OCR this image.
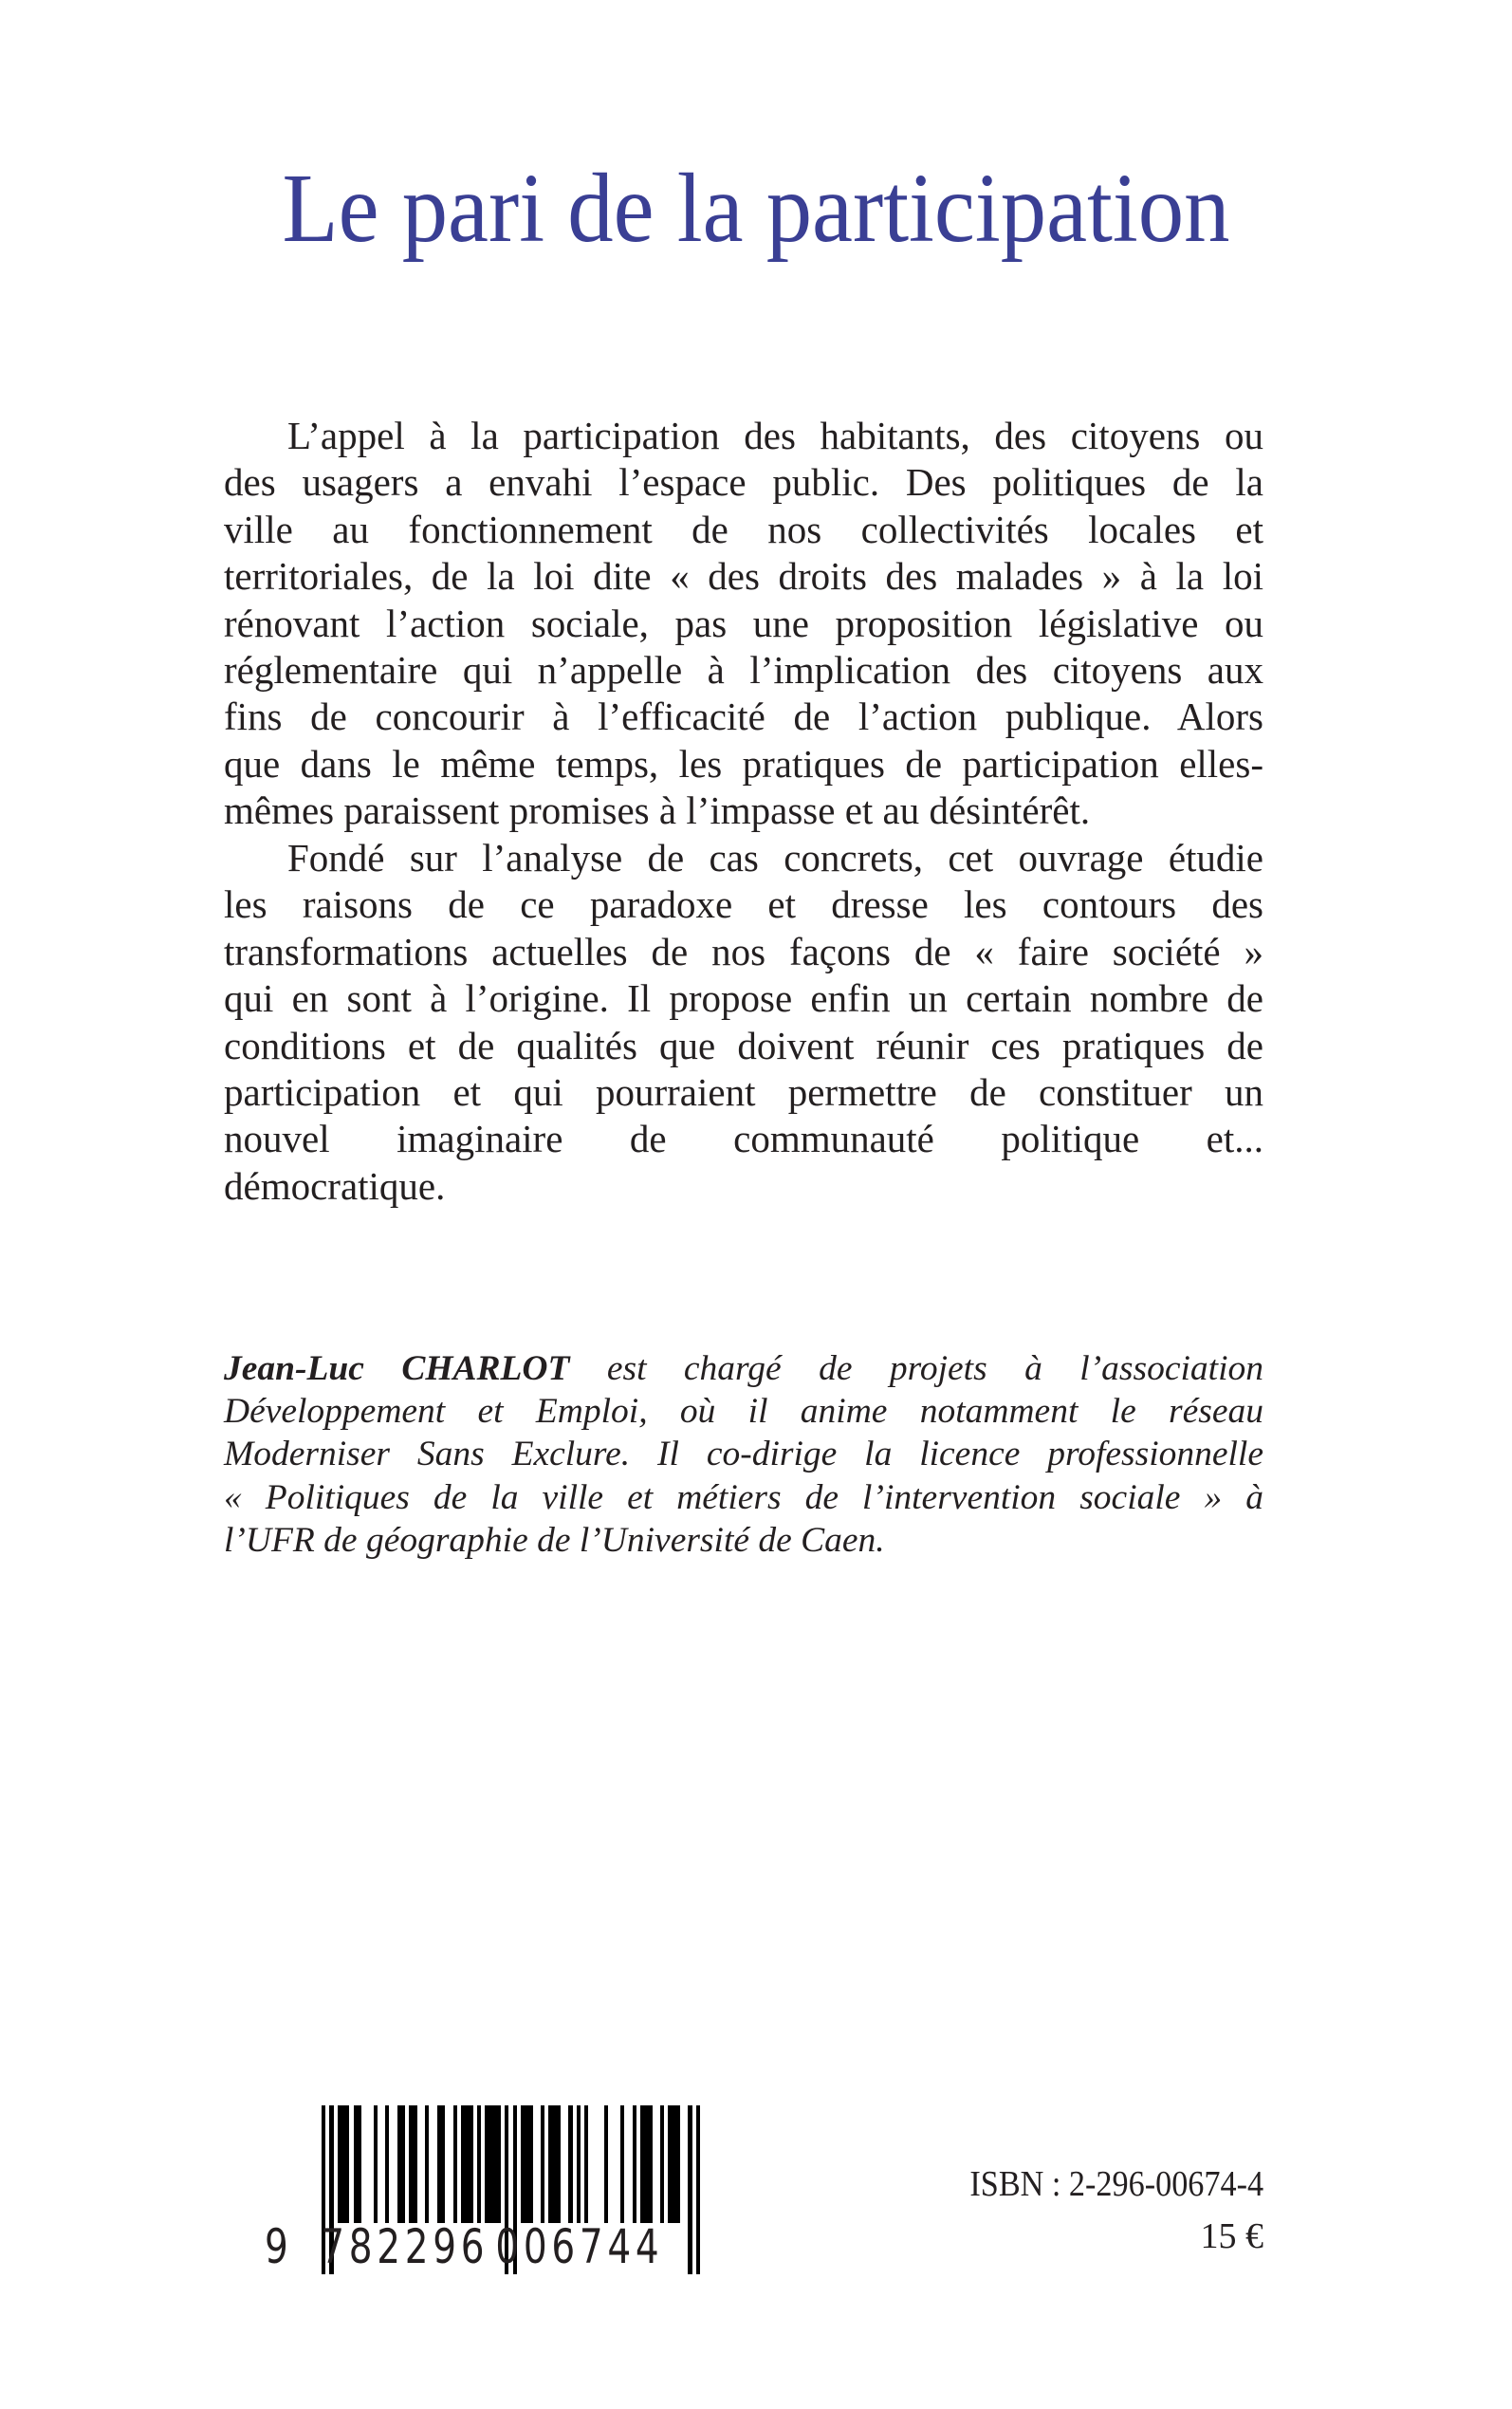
Le pari de la participation
L’appel à la participation des habitants, des citoyens ou
des usagers a envahi l’espace public. Des politiques de la
ville au fonctionnement de nos collectivités locales et
territoriales, de la loi dite « des droits des malades » à la loi
rénovant l’action sociale, pas une proposition législative ou
réglementaire qui n’appelle à l’implication des citoyens aux
fins de concourir à l’efficacité de l’action publique. Alors
que dans le même temps, les pratiques de participation elles-
mêmes paraissent promises à l’impasse et au désintérêt.
Fondé sur l’analyse de cas concrets, cet ouvrage étudie
les raisons de ce paradoxe et dresse les contours des
transformations actuelles de nos façons de « faire société »
qui en sont à l’origine. Il propose enfin un certain nombre de
conditions et de qualités que doivent réunir ces pratiques de
participation et qui pourraient permettre de constituer un
nouvel imaginaire de communauté politique et...
démocratique.
Jean-Luc CHARLOT est chargé de projets à l’association
Développement et Emploi, où il anime notamment le réseau
Moderniser Sans Exclure. Il co-dirige la licence professionnelle
« Politiques de la ville et métiers de l’intervention sociale » à
l’UFR de géographie de l’Université de Caen.
9 782296 006744
ISBN : 2-296-00674-4
15 €
